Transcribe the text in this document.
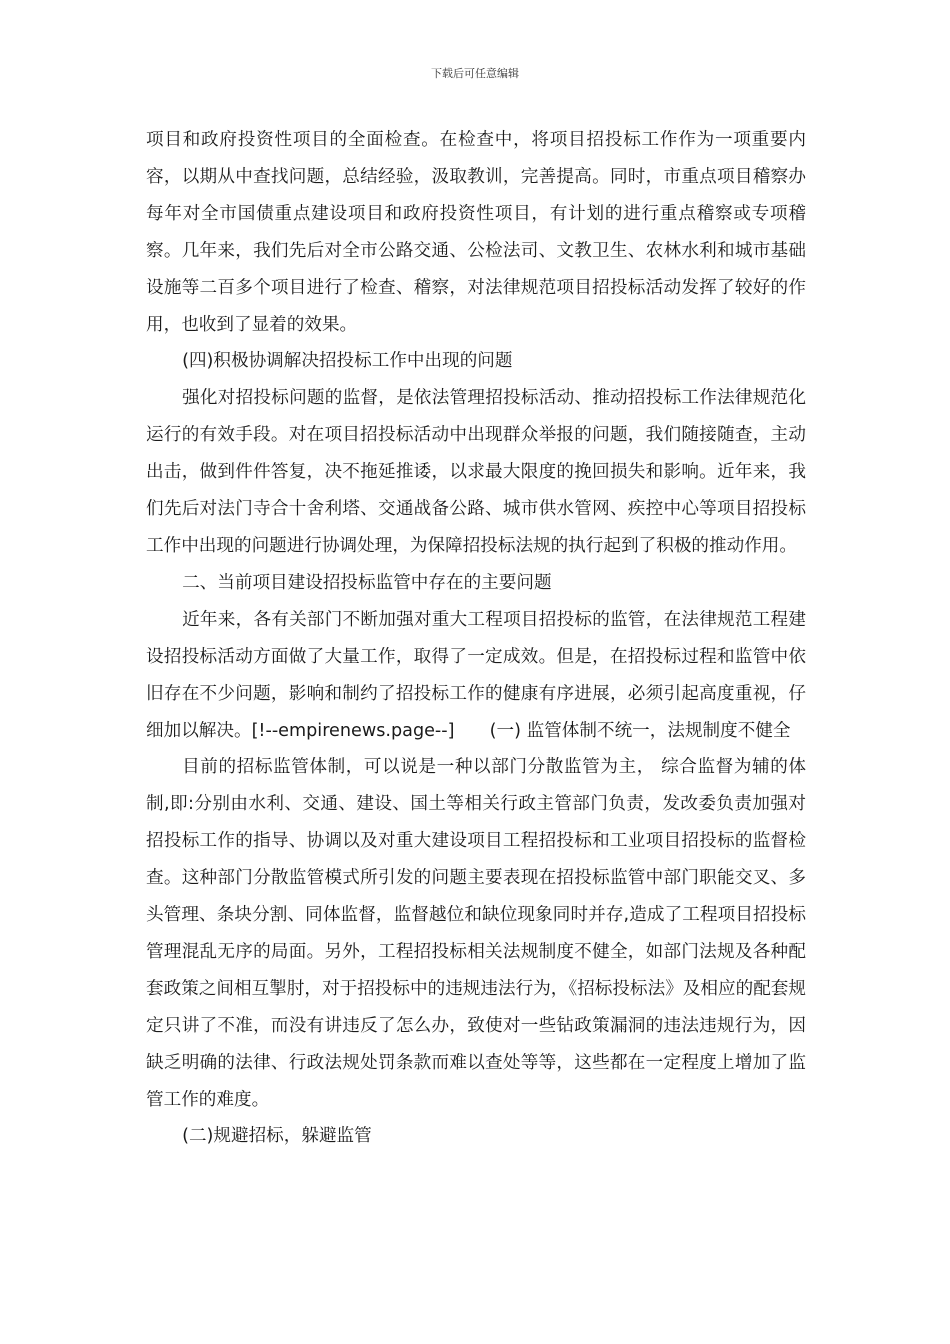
下载后可任意编辑

项目和政府投资性项目的全面检查。在检查中，将项目招投标工作作为一项重要内容，以期从中查找问题，总结经验，汲取教训，完善提高。同时，市重点项目稽察办每年对全市国债重点建设项目和政府投资性项目，有计划的进行重点稽察或专项稽察。几年来，我们先后对全市公路交通、公检法司、文教卫生、农林水利和城市基础设施等二百多个项目进行了检查、稽察，对法律规范项目招投标活动发挥了较好的作用，也收到了显着的效果。

(四)积极协调解决招投标工作中出现的问题

强化对招投标问题的监督，是依法管理招投标活动、推动招投标工作法律规范化运行的有效手段。对在项目招投标活动中出现群众举报的问题，我们随接随查，主动出击，做到件件答复，决不拖延推诿，以求最大限度的挽回损失和影响。近年来，我们先后对法门寺合十舍利塔、交通战备公路、城市供水管网、疾控中心等项目招投标工作中出现的问题进行协调处理，为保障招投标法规的执行起到了积极的推动作用。

二、当前项目建设招投标监管中存在的主要问题

近年来，各有关部门不断加强对重大工程项目招投标的监管，在法律规范工程建设招投标活动方面做了大量工作，取得了一定成效。但是，在招投标过程和监管中依旧存在不少问题，影响和制约了招投标工作的健康有序进展，必须引起高度重视，仔细加以解决。[!--empirenews.page--]　　(一) 监管体制不统一，法规制度不健全

目前的招标监管体制，可以说是一种以部门分散监管为主， 综合监督为辅的体制,即:分别由水利、交通、建设、国土等相关行政主管部门负责，发改委负责加强对招投标工作的指导、协调以及对重大建设项目工程招投标和工业项目招投标的监督检查。这种部门分散监管模式所引发的问题主要表现在招投标监管中部门职能交叉、多头管理、条块分割、同体监督，监督越位和缺位现象同时并存,造成了工程项目招投标管理混乱无序的局面。另外，工程招投标相关法规制度不健全，如部门法规及各种配套政策之间相互掣肘，对于招投标中的违规违法行为，《招标投标法》及相应的配套规定只讲了不准，而没有讲违反了怎么办，致使对一些钻政策漏洞的违法违规行为，因缺乏明确的法律、行政法规处罚条款而难以查处等等，这些都在一定程度上增加了监管工作的难度。

(二)规避招标，躲避监管
